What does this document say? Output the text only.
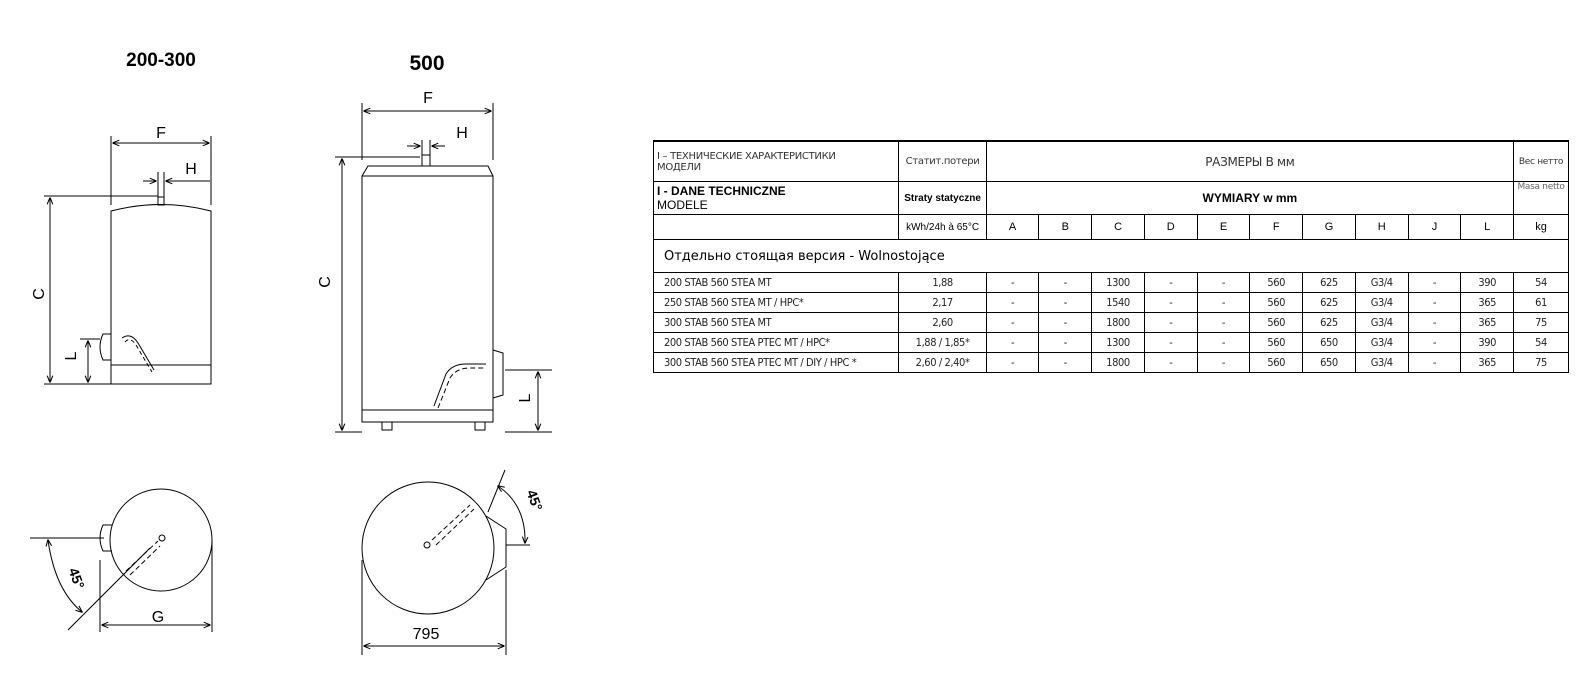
200-300	500
F
H
C
L
G
45°
F
H
C
L
795
45°
I – ТЕХНИЧЕСКИЕ ХАРАКТЕРИСТИКИ
МОДЕЛИ	Статит.потери	РАЗМЕРЫ В мм										Вес нетто

I - DANE TECHNICZNE
MODELE	Straty statyczne	WYMIARY w mm										Masa netto
	kWh/24h à 65°C	A	B	C	D	E	F	G	H	J	L	kg
Отдельно стоящая версия - Wolnostojące												
200 STAB 560 STEA MT	1,88	-	-	1300	-	-	560	625	G3/4	-	390	54
250 STAB 560 STEA MT / HPC*	2,17	-	-	1540	-	-	560	625	G3/4	-	365	61
300 STAB 560 STEA MT	2,60	-	-	1800	-	-	560	625	G3/4	-	365	75
200 STAB 560 STEA PTEC MT / HPC*	1,88 / 1,85*	-	-	1300	-	-	560	650	G3/4	-	390	54
300 STAB 560 STEA PTEC MT / DIY / HPC *	2,60 / 2,40*	-	-	1800	-	-	560	650	G3/4	-	365	75
